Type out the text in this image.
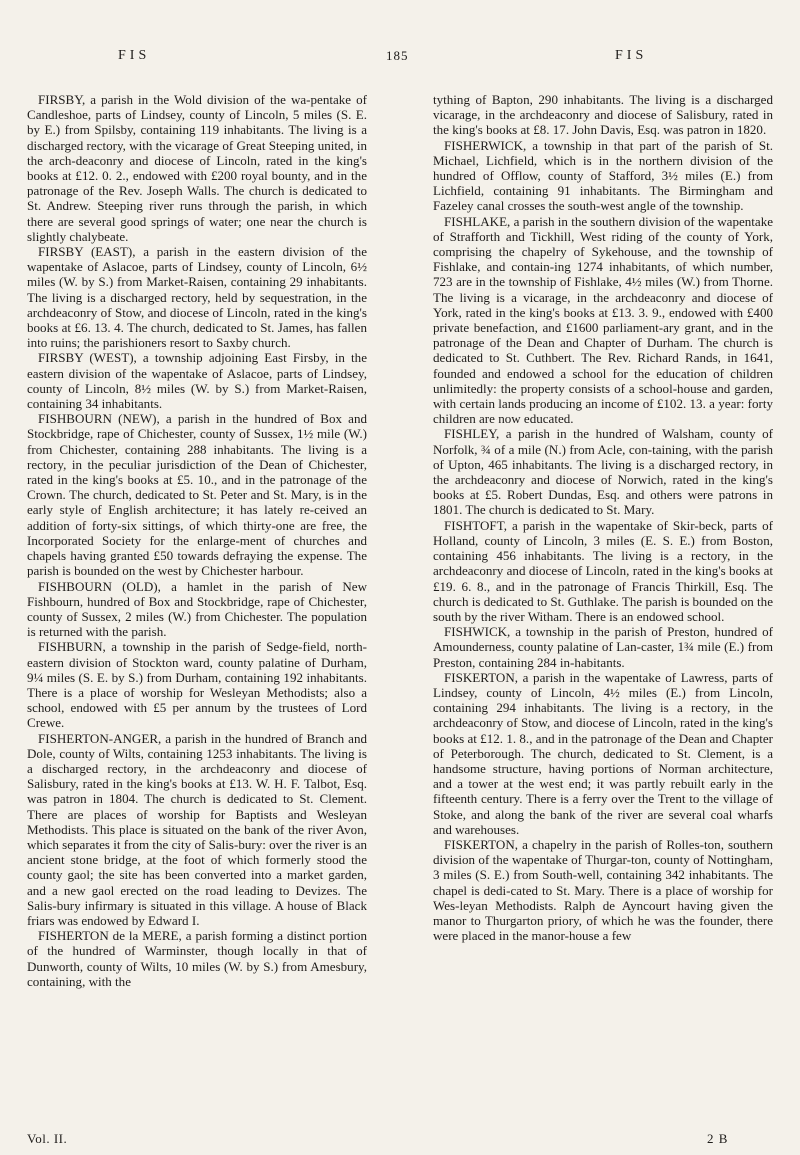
FIS	185	FIS

FIRSBY, a parish in the Wold division of the wa-pentake of Candleshoe, parts of Lindsey, county of Lincoln, 5 miles (S. E. by E.) from Spilsby, containing 119 inhabitants. The living is a discharged rectory, with the vicarage of Great Steeping united, in the arch-deaconry and diocese of Lincoln, rated in the king's books at £12. 0. 2., endowed with £200 royal bounty, and in the patronage of the Rev. Joseph Walls. The church is dedicated to St. Andrew. Steeping river runs through the parish, in which there are several good springs of water; one near the church is slightly chalybeate.

FIRSBY (EAST), a parish in the eastern division of the wapentake of Aslacoe, parts of Lindsey, county of Lincoln, 6½ miles (W. by S.) from Market-Raisen, containing 29 inhabitants. The living is a discharged rectory, held by sequestration, in the archdeaconry of Stow, and diocese of Lincoln, rated in the king's books at £6. 13. 4. The church, dedicated to St. James, has fallen into ruins; the parishioners resort to Saxby church.

FIRSBY (WEST), a township adjoining East Firsby, in the eastern division of the wapentake of Aslacoe, parts of Lindsey, county of Lincoln, 8½ miles (W. by S.) from Market-Raisen, containing 34 inhabitants.

FISHBOURN (NEW), a parish in the hundred of Box and Stockbridge, rape of Chichester, county of Sussex, 1½ mile (W.) from Chichester, containing 288 inhabitants. The living is a rectory, in the peculiar jurisdiction of the Dean of Chichester, rated in the king's books at £5. 10., and in the patronage of the Crown. The church, dedicated to St. Peter and St. Mary, is in the early style of English architecture; it has lately re-ceived an addition of forty-six sittings, of which thirty-one are free, the Incorporated Society for the enlarge-ment of churches and chapels having granted £50 towards defraying the expense. The parish is bounded on the west by Chichester harbour.

FISHBOURN (OLD), a hamlet in the parish of New Fishbourn, hundred of Box and Stockbridge, rape of Chichester, county of Sussex, 2 miles (W.) from Chichester. The population is returned with the parish.

FISHBURN, a township in the parish of Sedge-field, north-eastern division of Stockton ward, county palatine of Durham, 9¼ miles (S. E. by S.) from Durham, containing 192 inhabitants. There is a place of worship for Wesleyan Methodists; also a school, endowed with £5 per annum by the trustees of Lord Crewe.

FISHERTON-ANGER, a parish in the hundred of Branch and Dole, county of Wilts, containing 1253 inhabitants. The living is a discharged rectory, in the archdeaconry and diocese of Salisbury, rated in the king's books at £13. W. H. F. Talbot, Esq. was patron in 1804. The church is dedicated to St. Clement. There are places of worship for Baptists and Wesleyan Methodists. This place is situated on the bank of the river Avon, which separates it from the city of Salis-bury: over the river is an ancient stone bridge, at the foot of which formerly stood the county gaol; the site has been converted into a market garden, and a new gaol erected on the road leading to Devizes. The Salis-bury infirmary is situated in this village. A house of Black friars was endowed by Edward I.

FISHERTON de la MERE, a parish forming a distinct portion of the hundred of Warminster, though locally in that of Dunworth, county of Wilts, 10 miles (W. by S.) from Amesbury, containing, with the

tything of Bapton, 290 inhabitants. The living is a discharged vicarage, in the archdeaconry and diocese of Salisbury, rated in the king's books at £8. 17. John Davis, Esq. was patron in 1820.

FISHERWICK, a township in that part of the parish of St. Michael, Lichfield, which is in the northern division of the hundred of Offlow, county of Stafford, 3½ miles (E.) from Lichfield, containing 91 inhabitants. The Birmingham and Fazeley canal crosses the south-west angle of the township.

FISHLAKE, a parish in the southern division of the wapentake of Strafforth and Tickhill, West riding of the county of York, comprising the chapelry of Sykehouse, and the township of Fishlake, and contain-ing 1274 inhabitants, of which number, 723 are in the township of Fishlake, 4½ miles (W.) from Thorne. The living is a vicarage, in the archdeaconry and diocese of York, rated in the king's books at £13. 3. 9., endowed with £400 private benefaction, and £1600 parliament-ary grant, and in the patronage of the Dean and Chapter of Durham. The church is dedicated to St. Cuthbert. The Rev. Richard Rands, in 1641, founded and endowed a school for the education of children unlimitedly: the property consists of a school-house and garden, with certain lands producing an income of £102. 13. a year: forty children are now educated.

FISHLEY, a parish in the hundred of Walsham, county of Norfolk, ¾ of a mile (N.) from Acle, con-taining, with the parish of Upton, 465 inhabitants. The living is a discharged rectory, in the archdeaconry and diocese of Norwich, rated in the king's books at £5. Robert Dundas, Esq. and others were patrons in 1801. The church is dedicated to St. Mary.

FISHTOFT, a parish in the wapentake of Skir-beck, parts of Holland, county of Lincoln, 3 miles (E. S. E.) from Boston, containing 456 inhabitants. The living is a rectory, in the archdeaconry and diocese of Lincoln, rated in the king's books at £19. 6. 8., and in the patronage of Francis Thirkill, Esq. The church is dedicated to St. Guthlake. The parish is bounded on the south by the river Witham. There is an endowed school.

FISHWICK, a township in the parish of Preston, hundred of Amounderness, county palatine of Lan-caster, 1¾ mile (E.) from Preston, containing 284 in-habitants.

FISKERTON, a parish in the wapentake of Lawress, parts of Lindsey, county of Lincoln, 4½ miles (E.) from Lincoln, containing 294 inhabitants. The living is a rectory, in the archdeaconry of Stow, and diocese of Lincoln, rated in the king's books at £12. 1. 8., and in the patronage of the Dean and Chapter of Peterborough. The church, dedicated to St. Clement, is a handsome structure, having portions of Norman architecture, and a tower at the west end; it was partly rebuilt early in the fifteenth century. There is a ferry over the Trent to the village of Stoke, and along the bank of the river are several coal wharfs and warehouses.

FISKERTON, a chapelry in the parish of Rolles-ton, southern division of the wapentake of Thurgar-ton, county of Nottingham, 3 miles (S. E.) from South-well, containing 342 inhabitants. The chapel is dedi-cated to St. Mary. There is a place of worship for Wes-leyan Methodists. Ralph de Ayncourt having given the manor to Thurgarton priory, of which he was the founder, there were placed in the manor-house a few

Vol. II.	2 B
